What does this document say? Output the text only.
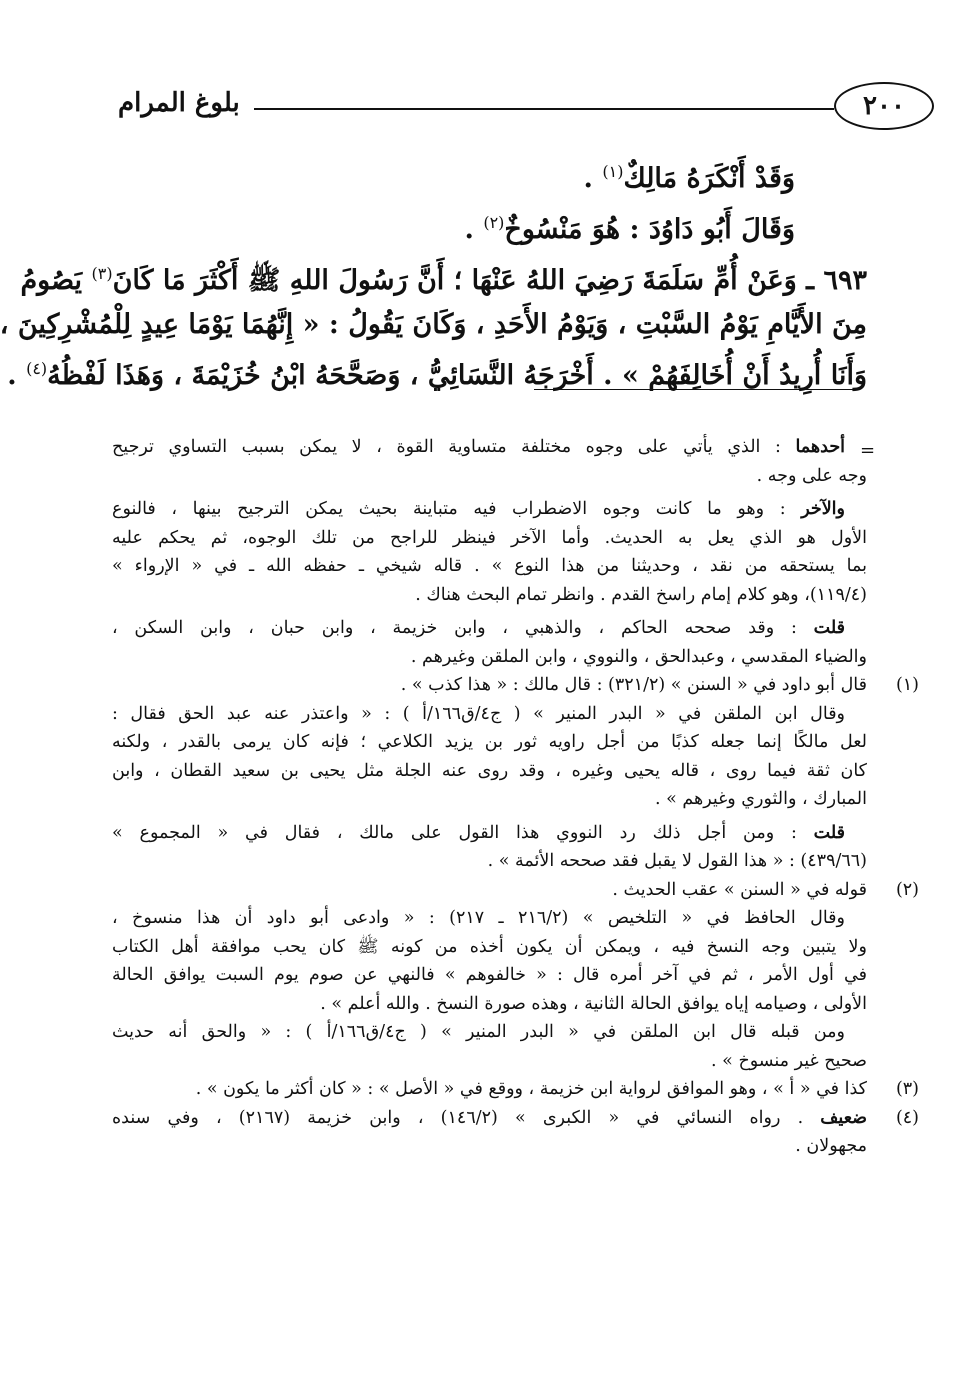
بلوغ المرام	٢٠٠

وَقَدْ أَنْكَرَهُ مَالِكٌ$^{(١)}$ .

وَقَالَ أَبُو دَاوُدَ : هُوَ مَنْسُوخٌ$^{(٢)}$ .

٦٩٣ ـ وَعَنْ أُمِّ سَلَمَةَ رَضِيَ اللهُ عَنْهَا ؛ أَنَّ رَسُولَ اللهِ ﷺ أَكْثَرَ مَا كَانَ$^{(٣)}$ يَصُومُ

مِنَ الأَيَّامِ يَوْمُ السَّبْتِ ، وَيَوْمُ الأَحَدِ ، وَكَانَ يَقُولُ : « إِنَّهُمَا يَوْمَا عِيدٍ لِلْمُشْرِكِينَ ،

وَأَنَا أُرِيدُ أَنْ أُخَالِفَهُمْ » . أَخْرَجَهُ النَّسَائِيُّ ، وَصَحَّحَهُ ابْنُ خُزَيْمَةَ ، وَهَذَا لَفْظُهُ$^{(٤)}$ .

=

أحدهما : الذي يأتي على وجوه مختلفة متساوية القوة ، لا يمكن بسبب التساوي ترجيح

وجه على وجه .

والآخر : وهو ما كانت وجوه الاضطراب فيه متباينة بحيث يمكن الترجيح بينها ، فالنوع

الأول هو الذي يعل به الحديث. وأما الآخر فينظر للراجح من تلك الوجوه، ثم يحكم عليه

بما يستحقه من نقد ، وحديثنا من هذا النوع » . قاله شيخي ـ حفظه الله ـ في « الإرواء »

(١١٩/٤)، وهو كلام إمام راسخ القدم . وانظر تمام البحث هناك .

قلت : وقد صححه الحاكم ، والذهبي ، وابن خزيمة ، وابن حبان ، وابن السكن ،

والضياء المقدسي ، وعبدالحق ، والنووي ، وابن الملقن وغيرهم .

(١)
قال أبو داود في « السنن » (٣٢١/٢) : قال مالك : « هذا كذب » .

وقال ابن الملقن في « البدر المنير » ( ج٤/ق١٦٦/أ ) : « واعتذر عنه عبد الحق فقال :

لعل مالكًا إنما جعله كذبًا من أجل راويه ثور بن يزيد الكلاعي ؛ فإنه كان يرمى بالقدر ، ولكنه

كان ثقة فيما روى ، قاله يحيى وغيره ، وقد روى عنه الجلة مثل يحيى بن سعيد القطان ، وابن

المبارك ، والثوري وغيرهم » .

قلت : ومن أجل ذلك رد النووي هذا القول على مالك ، فقال في « المجموع »

(٤٣٩/٦٦) : « هذا القول لا يقبل فقد صححه الأئمة » .

(٢)
قوله في « السنن » عقب الحديث .

وقال الحافظ في « التلخيص » (٢١٦/٢ ـ ٢١٧) : « وادعى أبو داود أن هذا منسوخ ،

ولا يتبين وجه النسخ فيه ، ويمكن أن يكون أخذه من كونه ﷺ كان يحب موافقة أهل الكتاب

في أول الأمر ، ثم في آخر أمره قال : « خالفوهم » فالنهي عن صوم يوم السبت يوافق الحالة

الأولى ، وصيامه إياه يوافق الحالة الثانية ، وهذه صورة النسخ . والله أعلم » .

ومن قبله قال ابن الملقن في « البدر المنير » ( ج٤/ق١٦٦/أ ) : « والحق أنه حديث

صحيح غير منسوخ » .

(٣)
كذا في « أ » ، وهو الموافق لرواية ابن خزيمة ، ووقع في « الأصل » : « كان أكثر ما يكون » .

(٤)
ضعيف . رواه النسائي في « الكبرى » (١٤٦/٢) ، وابن خزيمة (٢١٦٧) ، وفي سنده

مجهولان .
